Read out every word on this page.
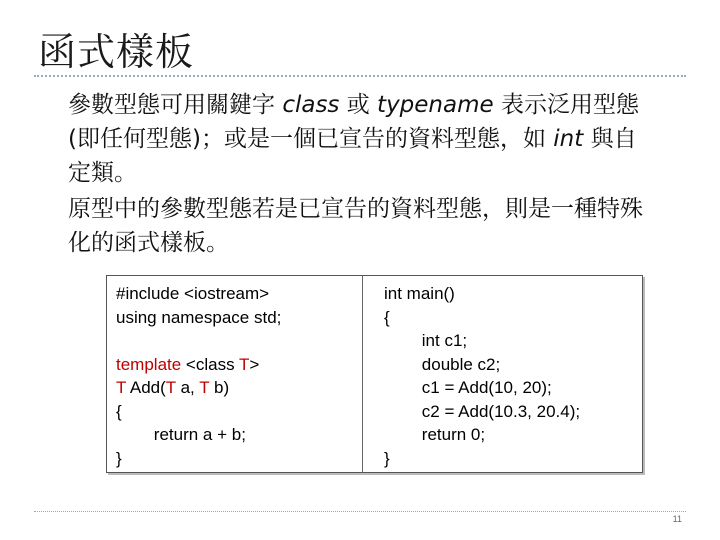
函式樣板
參數型態可用關鍵字 class 或 typename 表示泛用型態 (即任何型態)；或是一個已宣告的資料型態，如 int 與自定類。
原型中的參數型態若是已宣告的資料型態，則是一種特殊化的函式樣板。
#include <iostream>
using namespace std;
template <class T>
T Add(T a, T b)
{
return a + b;
}
int main()
{
int c1;
double c2;
c1 = Add(10, 20);
c2 = Add(10.3, 20.4);
return 0;
}
11
